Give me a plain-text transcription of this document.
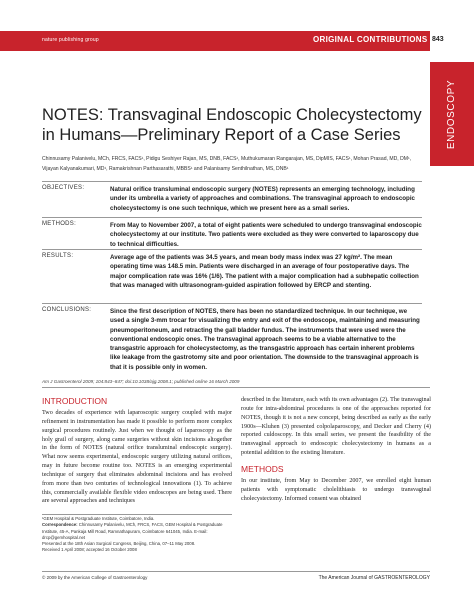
nature publishing group	ORIGINAL CONTRIBUTIONS 843
ENDOSCOPY
NOTES: Transvaginal Endoscopic Cholecystectomy in Humans—Preliminary Report of a Case Series
Chinnusamy Palanivelu, MCh, FRCS, FACS¹, Pidigu Seshiyer Rajan, MS, DNB, FACS¹, Muthukumaran Rangarajan, MS, DipMIS, FACS¹, Mohan Prasad, MD, DM¹, Vijayan Kalyanakumari, MD¹, Ramakrishnan Parthasarathi, MBBS¹ and Palanisamy Senthilnathan, MS, DNB¹
OBJECTIVES:	Natural orifice transluminal endoscopic surgery (NOTES) represents an emerging technology, including under its umbrella a variety of approaches and combinations. The transvaginal approach to endoscopic cholecystectomy is one such technique, which we present here as a small series.
METHODS:	From May to November 2007, a total of eight patients were scheduled to undergo transvaginal endoscopic cholecystectomy at our institute. Two patients were excluded as they were converted to laparoscopy due to technical difficulties.
RESULTS:	Average age of the patients was 34.5 years, and mean body mass index was 27 kg/m². The mean operating time was 148.5 min. Patients were discharged in an average of four postoperative days. The major complication rate was 16% (1/6). The patient with a major complication had a subhepatic collection that was managed with ultrasonogram-guided aspiration followed by ERCP and stenting.
CONCLUSIONS:	Since the first description of NOTES, there has been no standardized technique. In our technique, we used a single 3-mm trocar for visualizing the entry and exit of the endoscope, maintaining and measuring pneumoperitoneum, and retracting the gall bladder fundus. The instruments that were used were the conventional endoscopic ones. The transvaginal approach seems to be a viable alternative to the transgastric approach for cholecystectomy, as the transgastric approach has certain inherent problems like leakage from the gastrotomy site and poor orientation. The downside to the transvaginal approach is that it is possible only in women.
Am J Gastroenterol 2009; 104:843–847; doi:10.1038/ajg.2008.1; published online 16 March 2009
INTRODUCTION

Two decades of experience with laparoscopic surgery coupled with major refinement in instrumentation has made it possible to perform more complex surgical procedures routinely. Just when we thought of laparoscopy as the holy grail of surgery, along came surgeries without skin incisions altogether in the form of NOTES (natural orifice transluminal endoscopic surgery). What now seems experimental, endoscopic surgery utilizing natural orifices, may in future become routine too. NOTES is an emerging experimental technique of surgery that eliminates abdominal incisions and has evolved from more than two centuries of technological innovations (1). To achieve this, commercially available flexible video endoscopes are being used. There are several approaches and techniques

¹GEM Hospital & Postgraduate Institute, Coimbatore, India.
Correspondence: Chinnusamy Palanivelu, MCh, FRCS, FACS, GEM Hospital & Postgraduate Institute, 45-A, Pankaja Mill Road, Ramnathapuram, Coimbatore 641045, India. E-mail: drcp@gemhospital.net
Presented at the 18th Asian Surgical Congress, Beijing, China, 07–11 May 2008.
Received 1 April 2008; accepted 16 October 2008

described in the literature, each with its own advantages (2). The transvaginal route for intra-abdominal procedures is one of the approaches reported for NOTES, though it is not a new concept, being described as early as the early 1900s—Kluhen (3) presented colpolaparoscopy, and Decker and Cherry (4) reported culdoscopy. In this small series, we present the feasibility of the transvaginal approach to endoscopic cholecystectomy in humans as a potential addition to the existing literature.

METHODS

In our institute, from May to December 2007, we enrolled eight human patients with symptomatic cholelithiasis to undergo transvaginal cholecystectomy. Informed consent was obtained

© 2009 by the American College of Gastroenterology	The American Journal of GASTROENTEROLOGY
